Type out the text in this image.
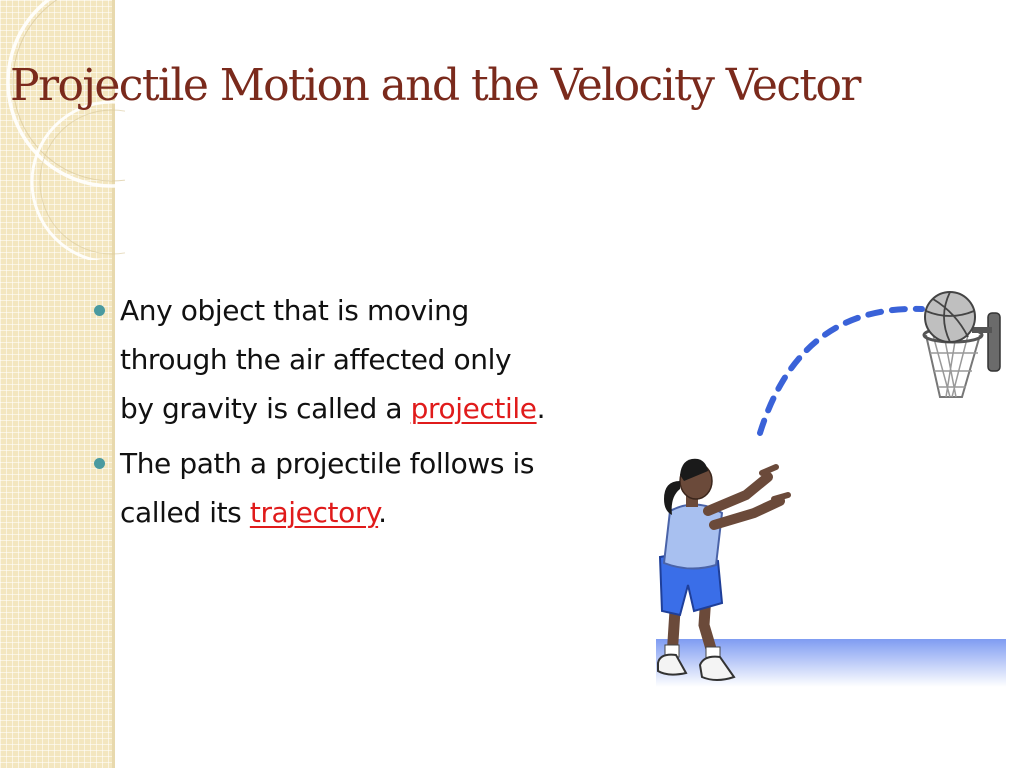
Projectile Motion and the Velocity Vector
Any object that is moving through the air affected only by gravity is called a projectile.
The path a projectile follows is called its trajectory.
